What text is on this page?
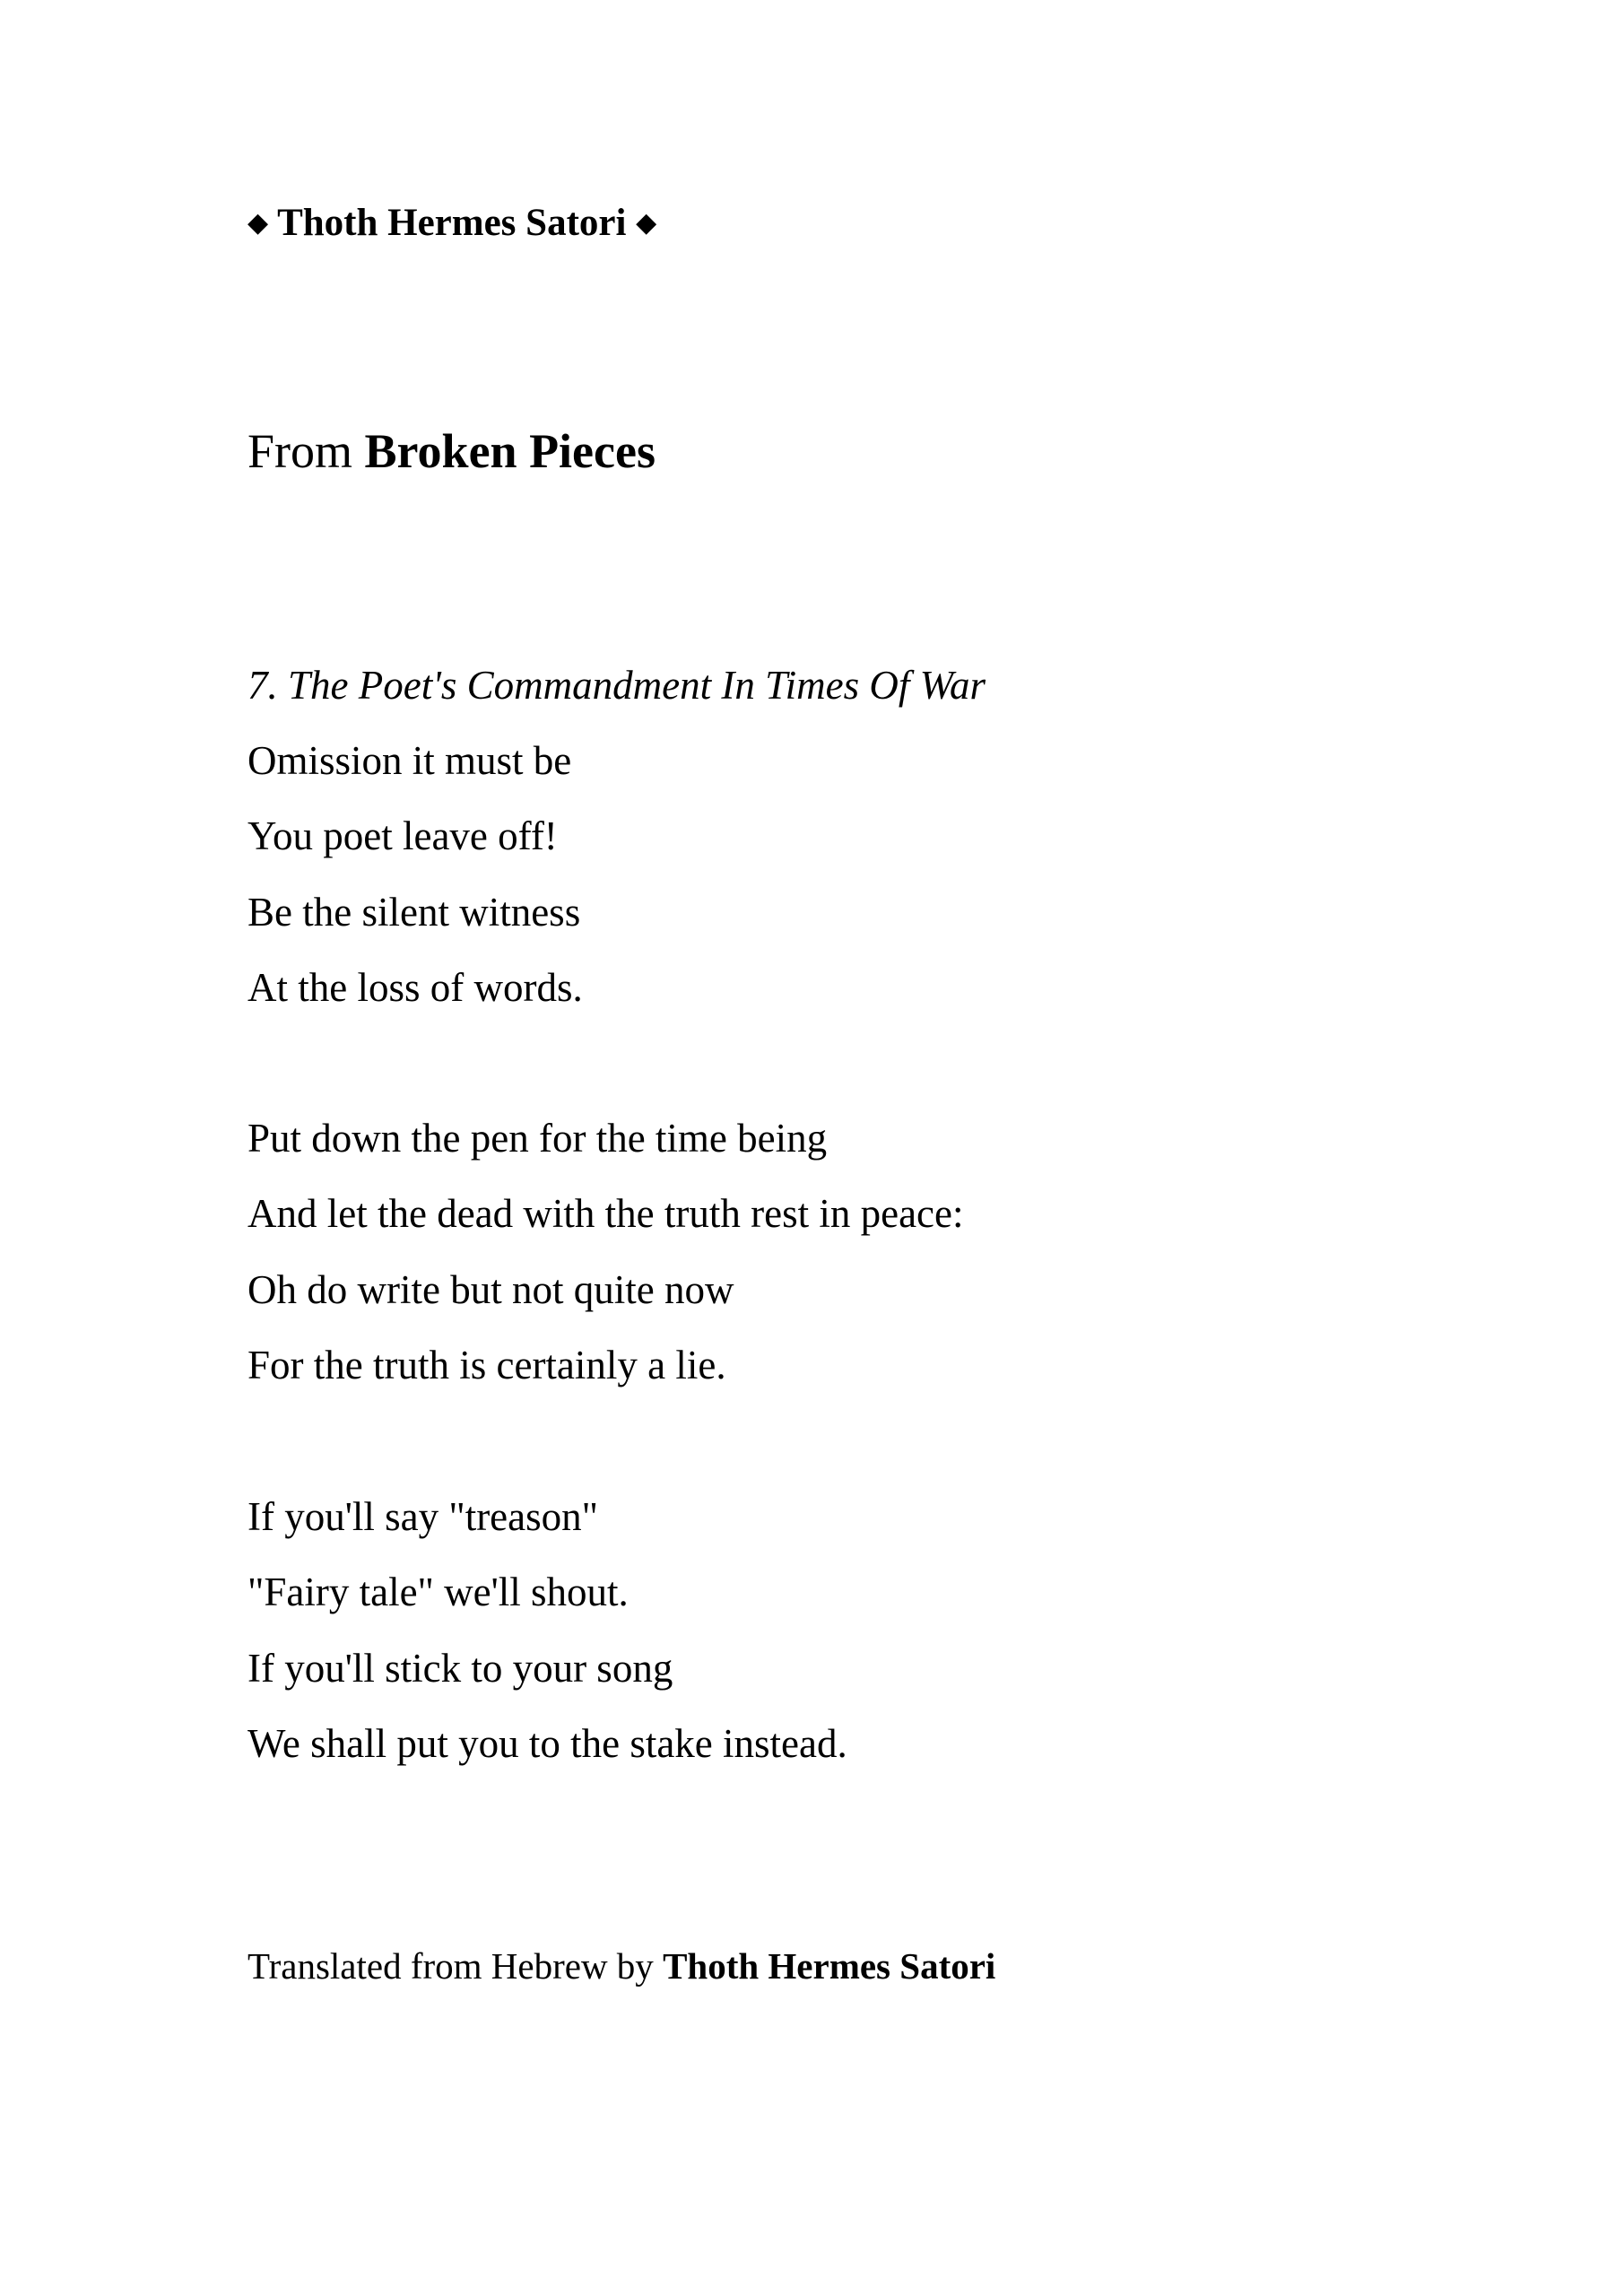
◆ Thoth Hermes Satori ◆
From Broken Pieces
7. The Poet's Commandment In Times Of War
Omission it must be
You poet leave off!
Be the silent witness
At the loss of words.
Put down the pen for the time being
And let the dead with the truth rest in peace:
Oh do write but not quite now
For the truth is certainly a lie.
If you'll say "treason"
"Fairy tale" we'll shout.
If you'll stick to your song
We shall put you to the stake instead.
Translated from Hebrew by Thoth Hermes Satori
